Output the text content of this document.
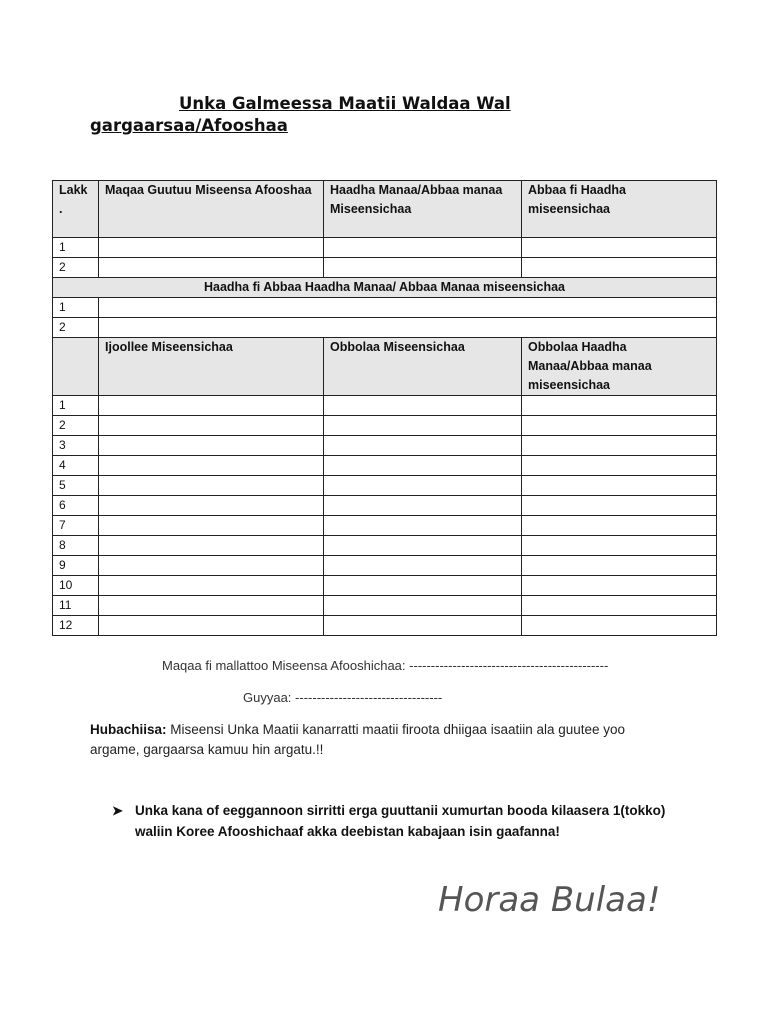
Unka Galmeessa Maatii Waldaa Wal
gargaarsaa/Afooshaa
Lakk .	Maqaa Guutuu Miseensa Afooshaa	Haadha Manaa/Abbaa manaa Miseensichaa	Abbaa fi Haadha miseensichaa
1			
2			
Haadha fi Abbaa Haadha Manaa/ Abbaa Manaa miseensichaa			
1			
2			
	Ijoollee Miseensichaa	Obbolaa Miseensichaa	Obbolaa Haadha Manaa/Abbaa manaa miseensichaa
1			
2			
3			
4			
5			
6			
7			
8			
9			
10			
11			
12			
Maqaa fi mallattoo Miseensa Afooshichaa: ----------------------------------------------
Guyyaa: ----------------------------------
Hubachiisa: Miseensi Unka Maatii kanarratti maatii firoota dhiigaa isaatiin ala guutee yoo argame, gargaarsa kamuu hin argatu.!!
➤ Unka kana of eeggannoon sirritti erga guuttanii xumurtan booda kilaasera 1(tokko) waliin Koree Afooshichaaf akka deebistan kabajaan isin gaafanna!
Horaa Bulaa!
